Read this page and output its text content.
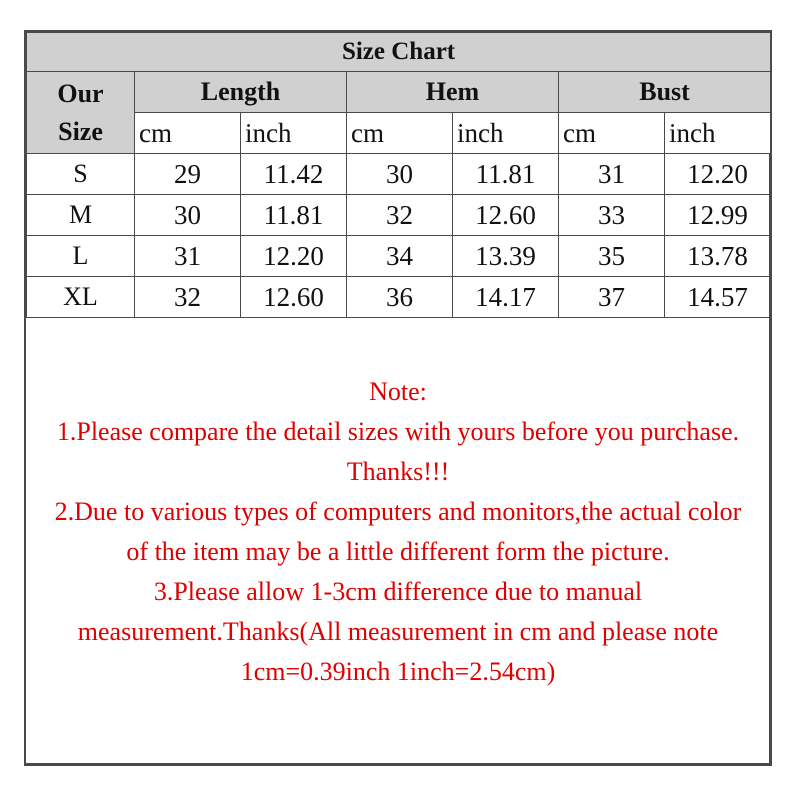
Size Chart						

Our
Size	Length		Hem		Bust	
	cm	inch	cm	inch	cm	inch
S	29	11.42	30	11.81	31	12.20
M	30	11.81	32	12.60	33	12.99
L	31	12.20	34	13.39	35	13.78
XL	32	12.60	36	14.17	37	14.57
Note:
1.Please compare the detail sizes with yours before you purchase. Thanks!!!
2.Due to various types of computers and monitors,the actual color of the item may be a little different form the picture.
3.Please allow 1-3cm difference due to manual measurement.Thanks(All measurement in cm and please note 1cm=0.39inch 1inch=2.54cm)
